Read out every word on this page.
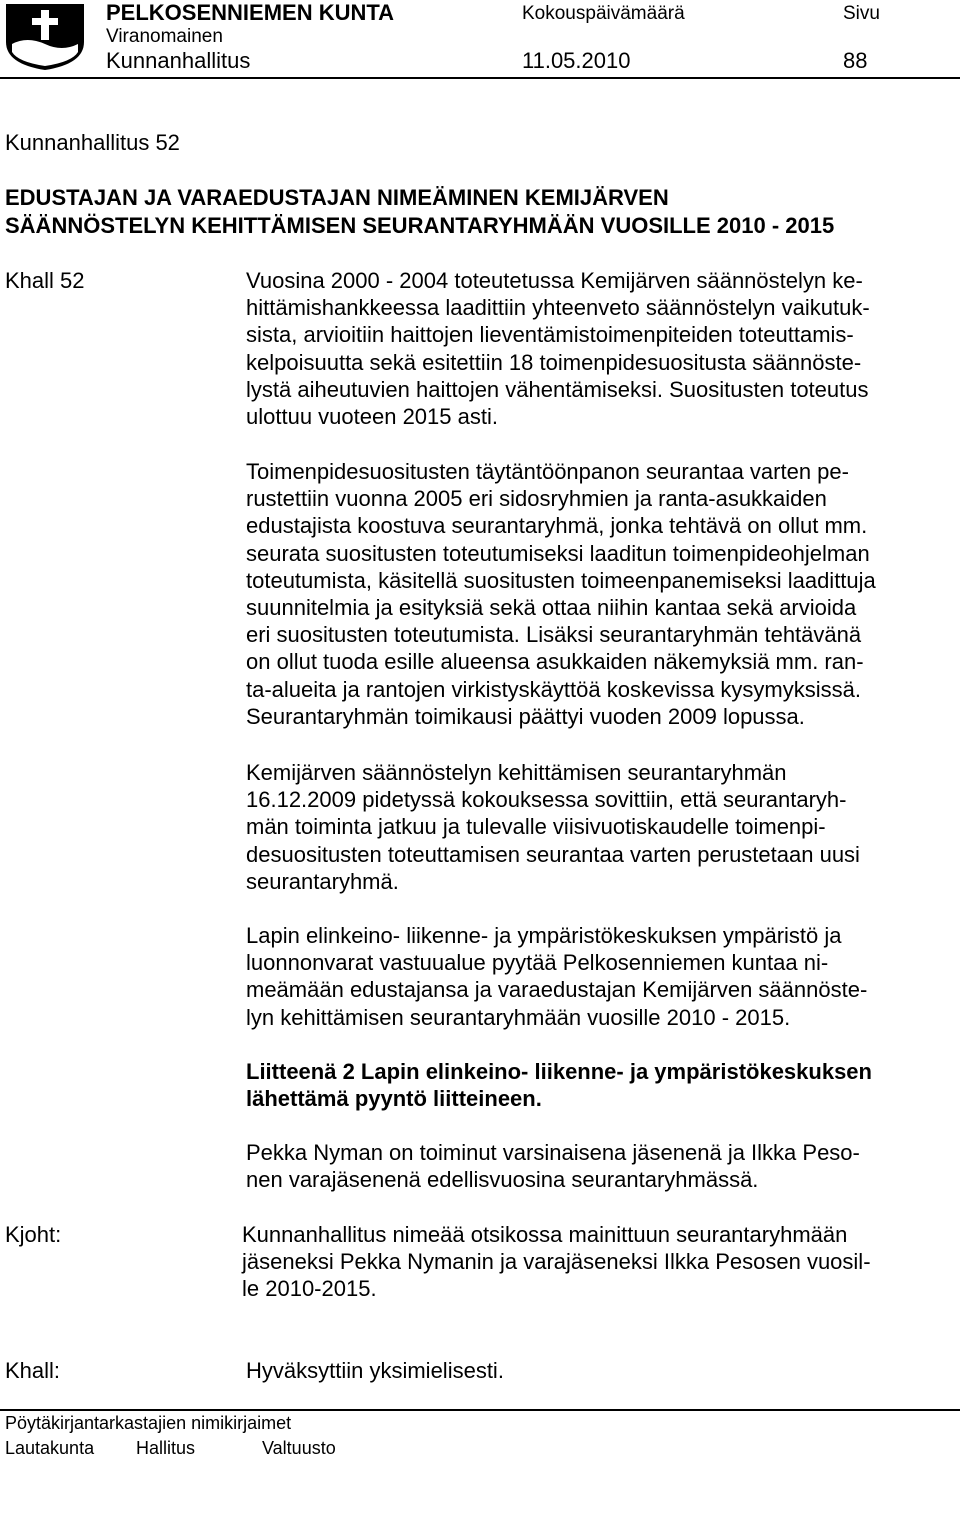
PELKOSENNIEMEN KUNTA	Kokouspäivämäärä	Sivu
Viranomainen
Kunnanhallitus	11.05.2010	88
Kunnanhallitus 52
EDUSTAJAN JA VARAEDUSTAJAN NIMEÄMINEN KEMIJÄRVEN
SÄÄNNÖSTELYN KEHITTÄMISEN SEURANTARYHMÄÄN VUOSILLE 2010 - 2015
Khall 52	Vuosina 2000 - 2004 toteutetussa Kemijärven säännöstelyn ke-
hittämishankkeessa laadittiin yhteenveto säännöstelyn vaikutuk-
sista, arvioitiin haittojen lieventämistoimenpiteiden toteuttamis-
kelpoisuutta sekä esitettiin 18 toimenpidesuositusta säännöste-
lystä aiheutuvien haittojen vähentämiseksi. Suositusten toteutus
ulottuu vuoteen 2015 asti.
Toimenpidesuositusten täytäntöönpanon seurantaa varten pe-
rustettiin vuonna 2005 eri sidosryhmien ja ranta-asukkaiden
edustajista koostuva seurantaryhmä, jonka tehtävä on ollut mm.
seurata suositusten toteutumiseksi laaditun toimenpideohjelman
toteutumista, käsitellä suositusten toimeenpanemiseksi laadittuja
suunnitelmia ja esityksiä sekä ottaa niihin kantaa sekä arvioida
eri suositusten toteutumista. Lisäksi seurantaryhmän tehtävänä
on ollut tuoda esille alueensa asukkaiden näkemyksiä mm. ran-
ta-alueita ja rantojen virkistyskäyttöä koskevissa kysymyksissä.
Seurantaryhmän toimikausi päättyi vuoden 2009 lopussa.
Kemijärven säännöstelyn kehittämisen seurantaryhmän
16.12.2009 pidetyssä kokouksessa sovittiin, että seurantaryh-
män toiminta jatkuu ja tulevalle viisivuotiskaudelle toimenpi-
desuositusten toteuttamisen seurantaa varten perustetaan uusi
seurantaryhmä.
Lapin elinkeino- liikenne- ja ympäristökeskuksen ympäristö ja
luonnonvarat vastuualue pyytää Pelkosenniemen kuntaa ni-
meämään edustajansa ja varaedustajan Kemijärven säännöste-
lyn kehittämisen seurantaryhmään vuosille 2010 - 2015.
Liitteenä 2 Lapin elinkeino- liikenne- ja ympäristökeskuksen
lähettämä pyyntö liitteineen.
Pekka Nyman on toiminut varsinaisena jäsenenä ja Ilkka Peso-
nen varajäsenenä edellisvuosina seurantaryhmässä.
Kjoht:	Kunnanhallitus nimeää otsikossa mainittuun seurantaryhmään
jäseneksi Pekka Nymanin ja varajäseneksi Ilkka Pesosen vuosil-
le 2010-2015.
Khall:	Hyväksyttiin yksimielisesti.
Pöytäkirjantarkastajien nimikirjaimet
Lautakunta Hallitus	Valtuusto
